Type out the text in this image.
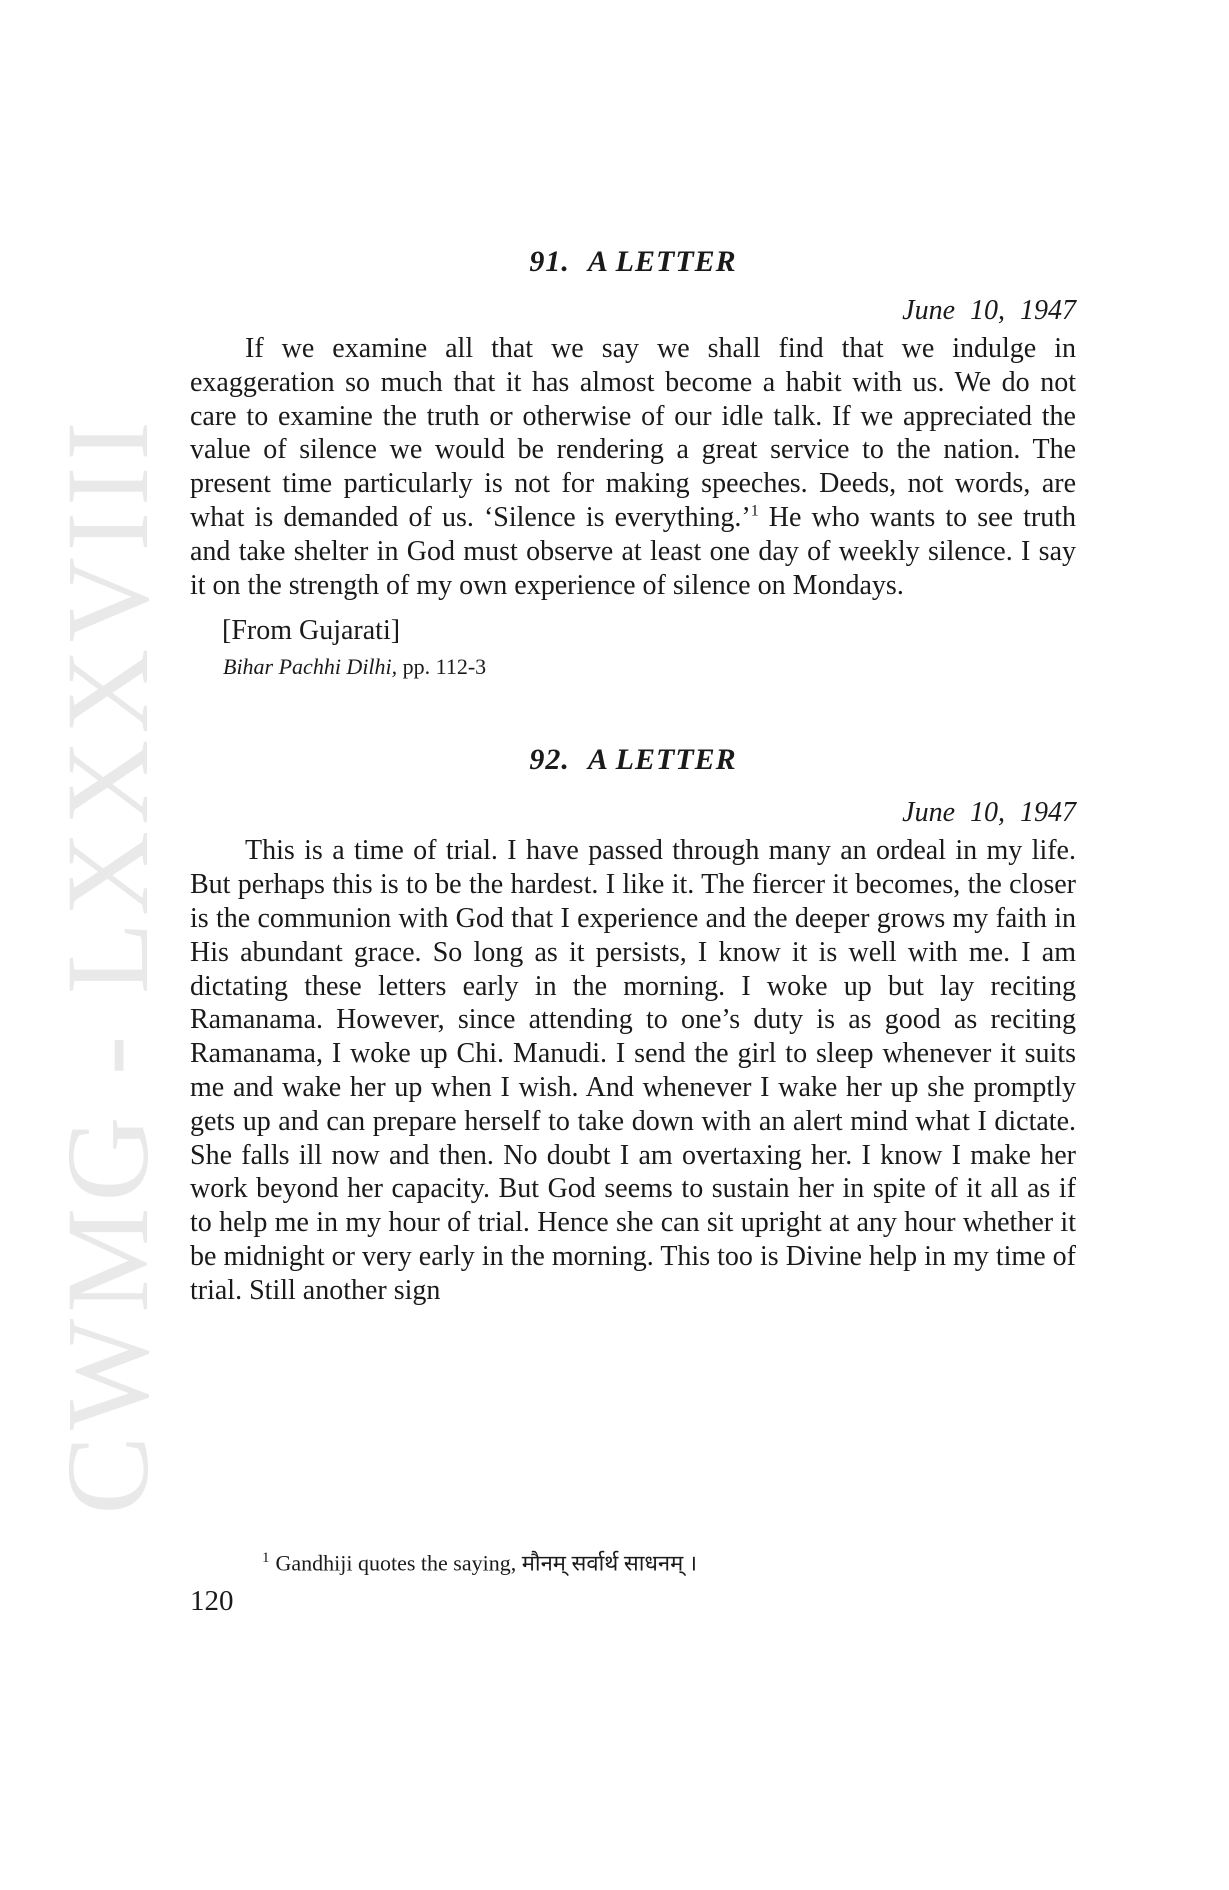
CWMG - LXXXVIII
91. A LETTER

June 10, 1947

If we examine all that we say we shall find that we indulge in exaggeration so much that it has almost become a habit with us. We do not care to examine the truth or otherwise of our idle talk. If we appreciated the value of silence we would be rendering a great service to the nation. The present time particularly is not for making speeches. Deeds, not words, are what is demanded of us. ‘Silence is everything.’$^1$ He who wants to see truth and take shelter in God must observe at least one day of weekly silence. I say it on the strength of my own experience of silence on Mondays.

[From Gujarati]

Bihar Pachhi Dilhi, pp. 112-3

92. A LETTER

June 10, 1947

This is a time of trial. I have passed through many an ordeal in my life. But perhaps this is to be the hardest. I like it. The fiercer it becomes, the closer is the communion with God that I experience and the deeper grows my faith in His abundant grace. So long as it persists, I know it is well with me. I am dictating these letters early in the morning. I woke up but lay reciting Ramanama. However, since attending to one’s duty is as good as reciting Ramanama, I woke up Chi. Manudi. I send the girl to sleep whenever it suits me and wake her up when I wish. And whenever I wake her up she promptly gets up and can prepare herself to take down with an alert mind what I dictate. She falls ill now and then. No doubt I am overtaxing her. I know I make her work beyond her capacity. But God seems to sustain her in spite of it all as if to help me in my hour of trial. Hence she can sit upright at any hour whether it be midnight or very early in the morning. This too is Divine help in my time of trial. Still another sign

$^1$ Gandhiji quotes the saying, मौनम् सर्वार्थ साधनम् ।
120
